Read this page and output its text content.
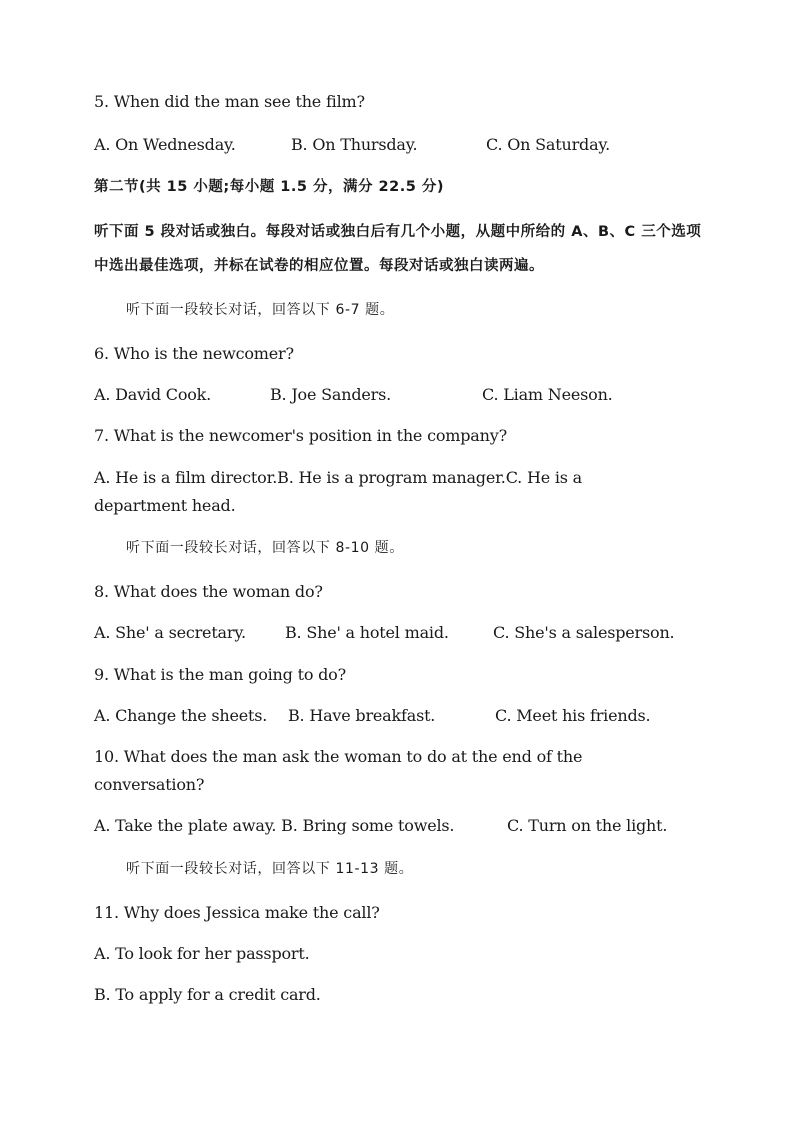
5. When did the man see the film?
A. On Wednesday.	B. On Thursday.	C. On Saturday.
第二节(共 15 小题;每小题 1.5 分，满分 22.5 分)
听下面 5 段对话或独白。每段对话或独白后有几个小题，从题中所给的 A、B、C 三个选项中选出最佳选项，并标在试卷的相应位置。每段对话或独白读两遍。
听下面一段较长对话，回答以下 6-7 题。
6. Who is the newcomer?
A. David Cook.	B. Joe Sanders.	C. Liam Neeson.
7. What is the newcomer's position in the company?
A. He is a film director.B. He is a program manager.C. He is a department head.
听下面一段较长对话，回答以下 8-10 题。
8. What does the woman do?
A. She' a secretary. B. She' a hotel maid.	C. She's a salesperson.
9. What is the man going to do?
A. Change the sheets. B. Have breakfast.	C. Meet his friends.
10. What does the man ask the woman to do at the end of the conversation?
A. Take the plate away. B. Bring some towels.	C. Turn on the light.
听下面一段较长对话，回答以下 11-13 题。
11. Why does Jessica make the call?
A. To look for her passport.
B. To apply for a credit card.
